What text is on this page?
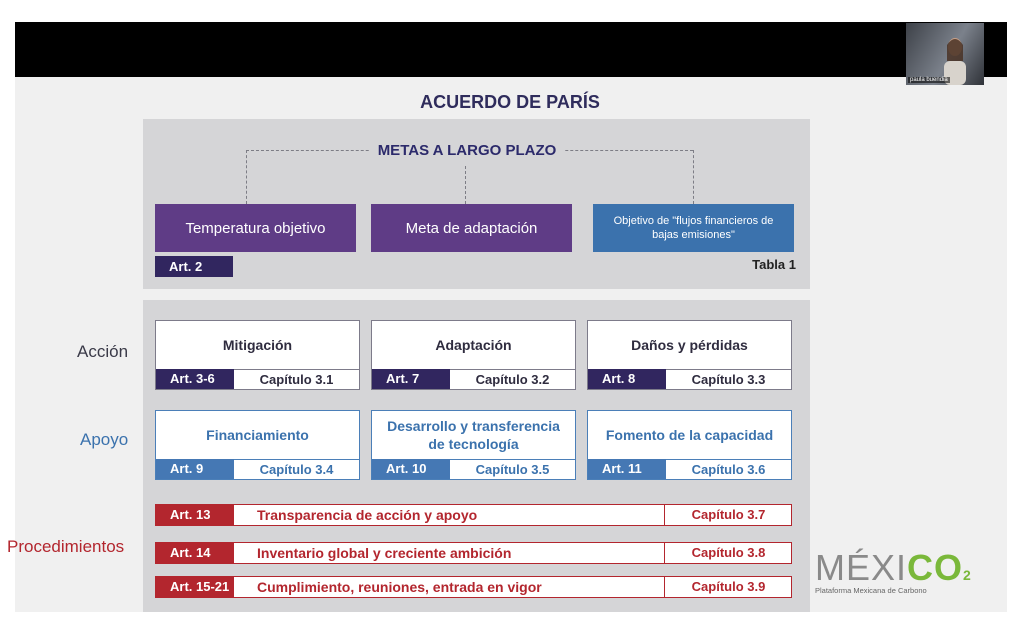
paula buendia
ACUERDO DE PARÍS
METAS A LARGO PLAZO
Temperatura objetivo	Meta de adaptación	Objetivo de "flujos financieros de bajas emisiones"
Art. 2	Tabla 1
Acción
Apoyo
Procedimientos
Mitigación
Art. 3-6	Capítulo 3.1
Adaptación
Art. 7	Capítulo 3.2
Daños y pérdidas
Art. 8	Capítulo 3.3
Financiamiento
Art. 9	Capítulo 3.4
Desarrollo y transferencia de tecnología
Art. 10	Capítulo 3.5
Fomento de la capacidad
Art. 11	Capítulo 3.6
Art. 13	Transparencia de acción y apoyo	Capítulo 3.7
Art. 14	Inventario global y creciente ambición	Capítulo 3.8
Art. 15-21	Cumplimiento, reuniones, entrada en vigor	Capítulo 3.9	MÉXICO2
Plataforma Mexicana de Carbono
